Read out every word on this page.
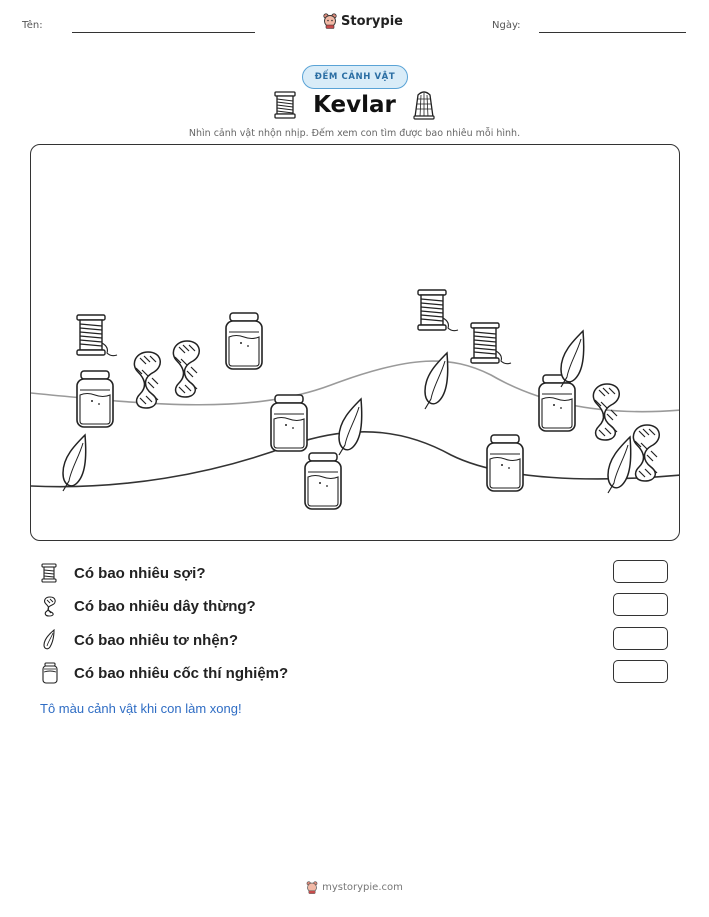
Tên:	Storypie	Ngày:
ĐẾM CẢNH VẬT
Kevlar
Nhìn cảnh vật nhộn nhịp. Đếm xem con tìm được bao nhiêu mỗi hình.
Có bao nhiêu sợi?
Có bao nhiêu dây thừng?
Có bao nhiêu tơ nhện?
Có bao nhiêu cốc thí nghiệm?
Tô màu cảnh vật khi con làm xong!
mystorypie.com
